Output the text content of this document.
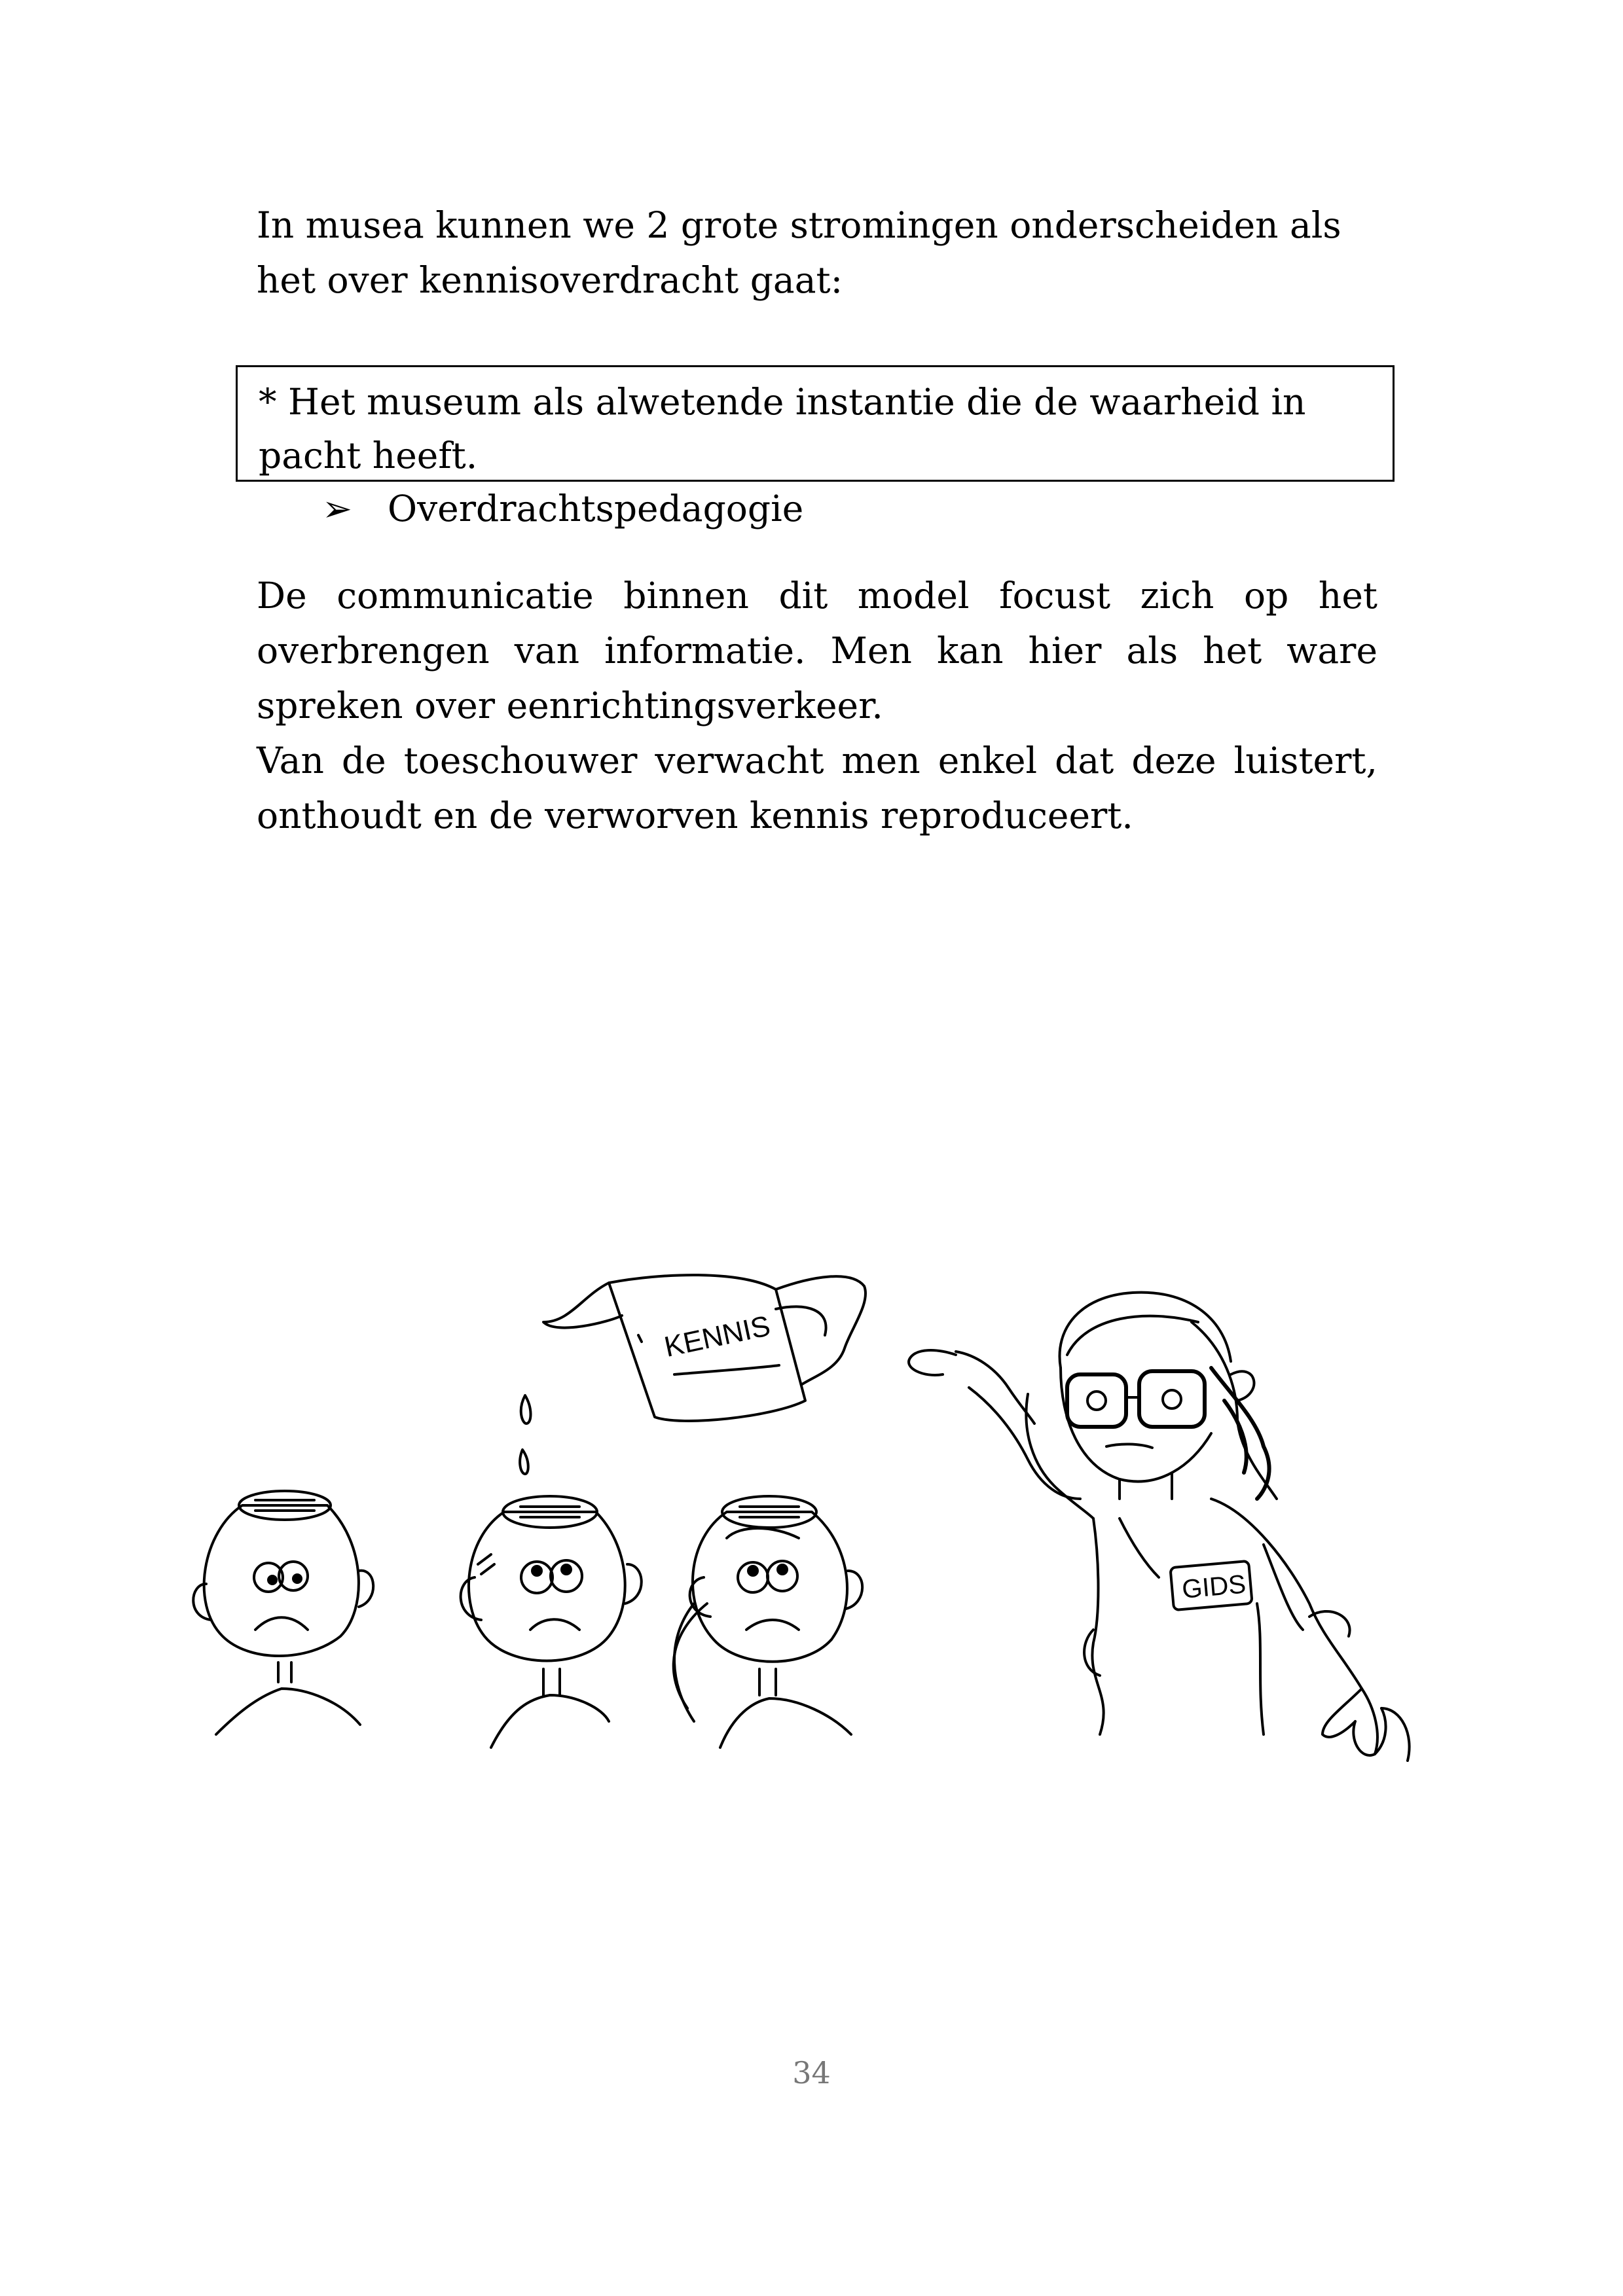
In musea kunnen we 2 grote stromingen onderscheiden als het over kennisoverdracht gaat:

* Het museum als alwetende instantie die de waarheid in pacht heeft.

➢ Overdrachtspedagogie

De communicatie binnen dit model focust zich op het overbrengen van informatie. Men kan hier als het ware spreken over eenrichtingsverkeer.

Van de toeschouwer verwacht men enkel dat deze luistert, onthoudt en de verworven kennis reproduceert.

KENNIS
GIDS
34
